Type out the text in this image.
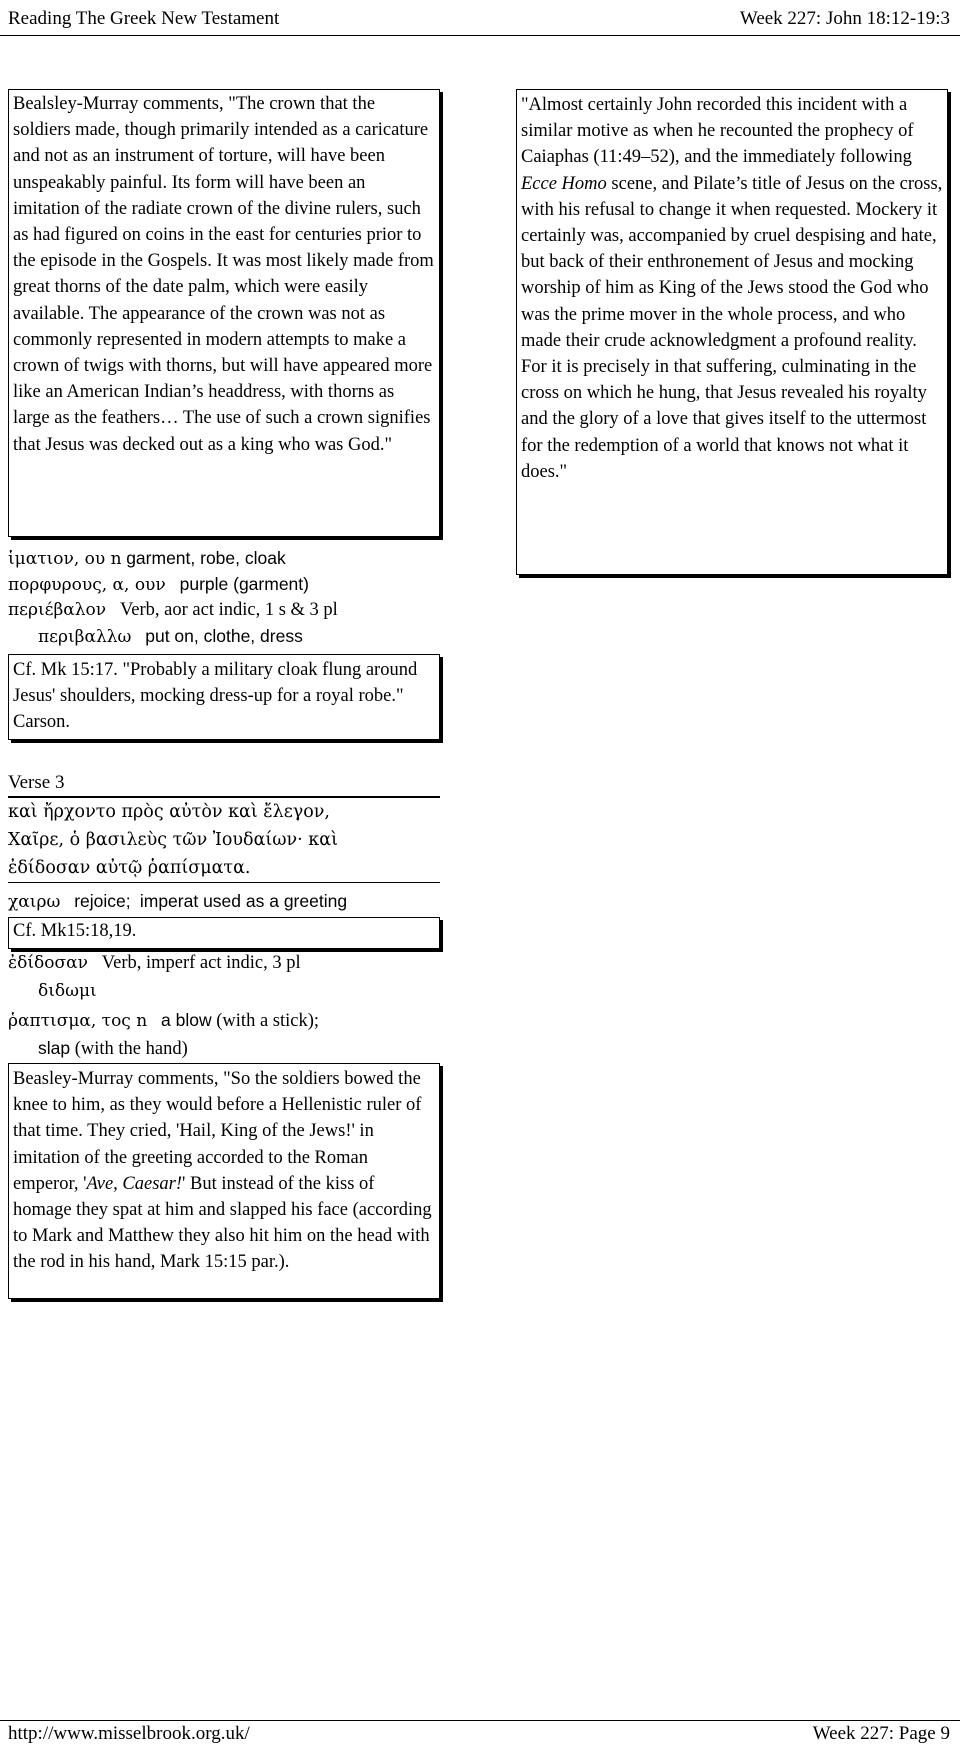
Reading The Greek New Testament	Week 227: John 18:12-19:3
Bealsley-Murray comments, "The crown that the soldiers made, though primarily intended as a caricature and not as an instrument of torture, will have been unspeakably painful. Its form will have been an imitation of the radiate crown of the divine rulers, such as had figured on coins in the east for centuries prior to the episode in the Gospels. It was most likely made from great thorns of the date palm, which were easily available. The appearance of the crown was not as commonly represented in modern attempts to make a crown of twigs with thorns, but will have appeared more like an American Indian’s headdress, with thorns as large as the feathers… The use of such a crown signifies that Jesus was decked out as a king who was God."
ἱματιον, ου n garment, robe, cloak
πορφυρους, α, ουν purple (garment)
περιέβαλον Verb, aor act indic, 1 s & 3 pl
περιβαλλω put on, clothe, dress
Cf. Mk 15:17. "Probably a military cloak flung around Jesus' shoulders, mocking dress-up for a royal robe." Carson.
Verse 3
καὶ ἤρχοντο πρὸς αὐτὸν καὶ ἔλεγον,
Χαῖρε, ὁ βασιλεὺς τῶν Ἰουδαίων· καὶ
ἐδίδοσαν αὐτῷ ῥαπίσματα.
χαιρω rejoice; imperat used as a greeting
Cf. Mk15:18,19.
ἐδίδοσαν Verb, imperf act indic, 3 pl
διδωμι
ῥαπτισμα, τος n a blow (with a stick);
slap (with the hand)
Beasley-Murray comments, "So the soldiers bowed the knee to him, as they would before a Hellenistic ruler of that time. They cried, 'Hail, King of the Jews!' in imitation of the greeting accorded to the Roman emperor, 'Ave, Caesar!' But instead of the kiss of homage they spat at him and slapped his face (according to Mark and Matthew they also hit him on the head with the rod in his hand, Mark 15:15 par.).
"Almost certainly John recorded this incident with a similar motive as when he recounted the prophecy of Caiaphas (11:49–52), and the immediately following Ecce Homo scene, and Pilate’s title of Jesus on the cross, with his refusal to change it when requested. Mockery it certainly was, accompanied by cruel despising and hate, but back of their enthronement of Jesus and mocking worship of him as King of the Jews stood the God who was the prime mover in the whole process, and who made their crude acknowledgment a profound reality. For it is precisely in that suffering, culminating in the cross on which he hung, that Jesus revealed his royalty and the glory of a love that gives itself to the uttermost for the redemption of a world that knows not what it does."
http://www.misselbrook.org.uk/	Week 227: Page 9
